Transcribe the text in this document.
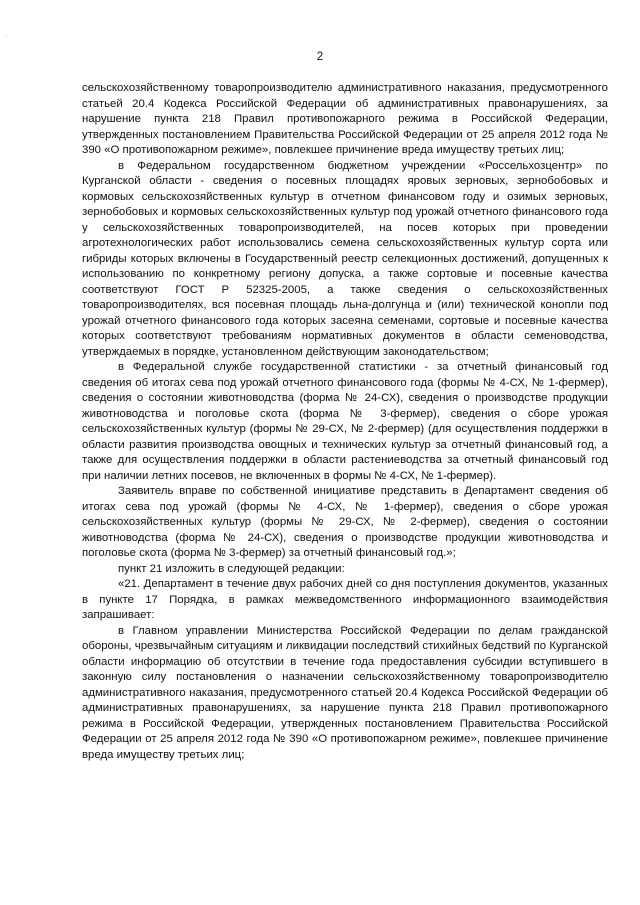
2

сельскохозяйственному товаропроизводителю административного наказания, предусмотренного статьей 20.4 Кодекса Российской Федерации об административных правонарушениях, за нарушение пункта 218 Правил противопожарного режима в Российской Федерации, утвержденных постановлением Правительства Российской Федерации от 25 апреля 2012 года № 390 «О противопожарном режиме», повлекшее причинение вреда имуществу третьих лиц;

в Федеральном государственном бюджетном учреждении «Россельхозцентр» по Курганской области - сведения о посевных площадях яровых зерновых, зернобобовых и кормовых сельскохозяйственных культур в отчетном финансовом году и озимых зерновых, зернобобовых и кормовых сельскохозяйственных культур под урожай отчетного финансового года у сельскохозяйственных товаропроизводителей, на посев которых при проведении агротехнологических работ использовались семена сельскохозяйственных культур сорта или гибриды которых включены в Государственный реестр селекционных достижений, допущенных к использованию по конкретному региону допуска, а также сортовые и посевные качества соответствуют ГОСТ Р 52325-2005, а также сведения о сельскохозяйственных товаропроизводителях, вся посевная площадь льна-долгунца и (или) технической конопли под урожай отчетного финансового года которых засеяна семенами, сортовые и посевные качества которых соответствуют требованиям нормативных документов в области семеноводства, утверждаемых в порядке, установленном действующим законодательством;

в Федеральной службе государственной статистики - за отчетный финансовый год сведения об итогах сева под урожай отчетного финансового года (формы № 4-СХ, № 1-фермер), сведения о состоянии животноводства (форма № 24-СХ), сведения о производстве продукции животноводства и поголовье скота (форма № 3-фермер), сведения о сборе урожая сельскохозяйственных культур (формы № 29-СХ, № 2-фермер) (для осуществления поддержки в области развития производства овощных и технических культур за отчетный финансовый год, а также для осуществления поддержки в области растениеводства за отчетный финансовый год при наличии летних посевов, не включенных в формы № 4-СХ, № 1-фермер).

Заявитель вправе по собственной инициативе представить в Департамент сведения об итогах сева под урожай (формы № 4-СХ, № 1-фермер), сведения о сборе урожая сельскохозяйственных культур (формы № 29-СХ, № 2-фермер), сведения о состоянии животноводства (форма № 24-СХ), сведения о производстве продукции животноводства и поголовье скота (форма № 3-фермер) за отчетный финансовый год.»;

пункт 21 изложить в следующей редакции:

«21. Департамент в течение двух рабочих дней со дня поступления документов, указанных в пункте 17 Порядка, в рамках межведомственного информационного взаимодействия запрашивает:

в Главном управлении Министерства Российской Федерации по делам гражданской обороны, чрезвычайным ситуациям и ликвидации последствий стихийных бедствий по Курганской области информацию об отсутствии в течение года предоставления субсидии вступившего в законную силу постановления о назначении сельскохозяйственному товаропроизводителю административного наказания, предусмотренного статьей 20.4 Кодекса Российской Федерации об административных правонарушениях, за нарушение пункта 218 Правил противопожарного режима в Российской Федерации, утвержденных постановлением Правительства Российской Федерации от 25 апреля 2012 года № 390 «О противопожарном режиме», повлекшее причинение вреда имуществу третьих лиц;
